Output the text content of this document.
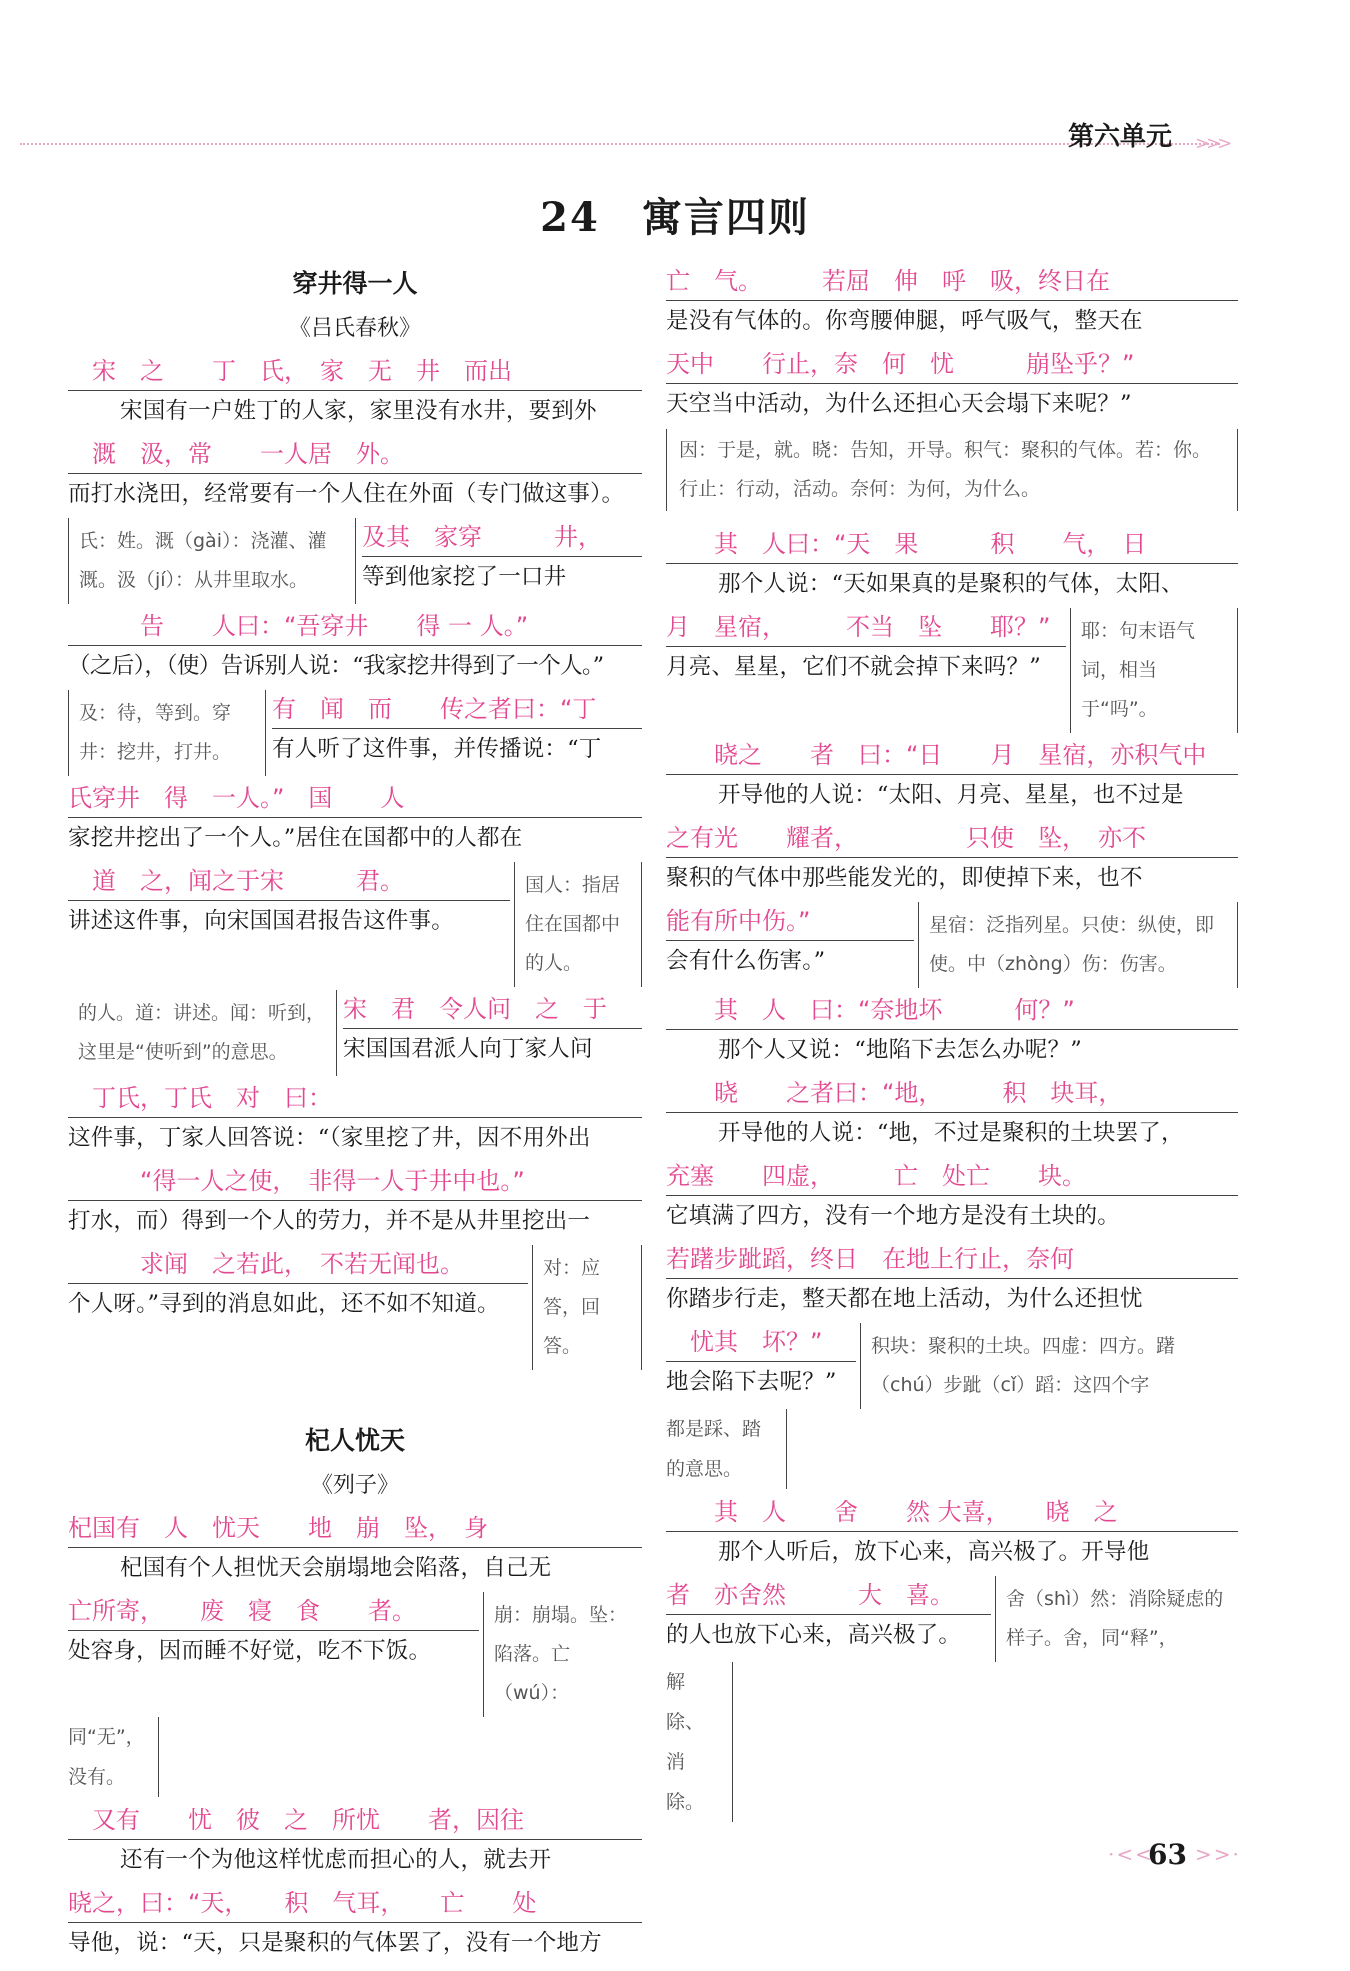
第六单元 >>>
24　寓言四则
穿井得一人
《吕氏春秋》
　宋　之　　丁　氏，　家　无　井　而出
宋国有一户姓丁的人家，家里没有水井，要到外
　溉　汲，常　　一人居　外。
而打水浇田，经常要有一个人住在外面（专门做这事）。
氏：姓。溉（gài）：浇灌、灌溉。汲（jí）：从井里取水。
及其　家穿　　　井，
等到他家挖了一口井
　　　告　　人曰：“吾穿井　　得 一 人。”
（之后），（使）告诉别人说：“我家挖井得到了一个人。”
及：待，等到。穿井：挖井，打井。
有　闻　而　　传之者曰：“丁
有人听了这件事，并传播说：“丁
氏穿井　得　一人。”　国　　人
家挖井挖出了一个人。”居住在国都中的人都在
　道　之，闻之于宋　　　君。
讲述这件事，向宋国国君报告这件事。
国人：指居住在国都中的人。
的人。道：讲述。闻：听到，这里是“使听到”的意思。
宋　君　令人问　之　于
宋国国君派人向丁家人问
　丁氏，丁氏　对　曰：
这件事，丁家人回答说：“（家里挖了井，因不用外出
　　　“得一人之使，　非得一人于井中也。”
打水，而）得到一个人的劳力，并不是从井里挖出一
　　　求闻　之若此，　不若无闻也。
个人呀。”寻到的消息如此，还不如不知道。
对：应答，回答。
杞人忧天
《列子》
杞国有　人　忧天　　地　崩　坠，　身
杞国有个人担忧天会崩塌地会陷落，自己无
亡所寄，　　废　寝　食　　者。
处容身，因而睡不好觉，吃不下饭。
崩：崩塌。坠：陷落。亡（wú）：
同“无”，没有。
　又有　　忧　彼　之　所忧　　者，因往
还有一个为他这样忧虑而担心的人，就去开
晓之，曰：“天，　　积　气耳，　　亡　　处
导他，说：“天，只是聚积的气体罢了，没有一个地方
亡　气。　　　若屈　伸　呼　吸，终日在
是没有气体的。你弯腰伸腿，呼气吸气，整天在
天中　　行止，奈　何　忧　　　崩坠乎？”
天空当中活动，为什么还担心天会塌下来呢？”
因：于是，就。晓：告知，开导。积气：聚积的气体。若：你。行止：行动，活动。奈何：为何，为什么。
　　其　人曰：“天　果　　　积　　气，　日
那个人说：“天如果真的是聚积的气体，太阳、
月　星宿，　　　不当　坠　　耶？”
月亮、星星，它们不就会掉下来吗？”
耶：句末语气词，相当于“吗”。
　　晓之　　者　曰：“日　　月　星宿，亦积气中
开导他的人说：“太阳、月亮、星星，也不过是
之有光　　耀者，　　　　　只使　坠，　亦不
聚积的气体中那些能发光的，即使掉下来，也不
能有所中伤。”
会有什么伤害。”
星宿：泛指列星。只使：纵使，即使。中（zhòng）伤：伤害。
　　其　人　曰：“奈地坏　　　何？”
那个人又说：“地陷下去怎么办呢？”
　　晓　　之者曰：“地，　　　积　块耳，
开导他的人说：“地，不过是聚积的土块罢了，
充塞　　四虚，　　　亡　处亡　　块。
它填满了四方，没有一个地方是没有土块的。
若躇步跐蹈，终日　在地上行止，奈何
你踏步行走，整天都在地上活动，为什么还担忧
　忧其　坏？”
地会陷下去呢？”
积块：聚积的土块。四虚：四方。躇（chú）步跐（cǐ）蹈：这四个字
都是踩、踏的意思。
　　其　人　　舍　　然 大喜，　　晓　之
那个人听后，放下心来，高兴极了。开导他
者　亦舍然　　　大　喜。
的人也放下心来，高兴极了。
舍（shì）然：消除疑虑的样子。舍，同“释”，
解除、消除。
·<<
63 >>·
